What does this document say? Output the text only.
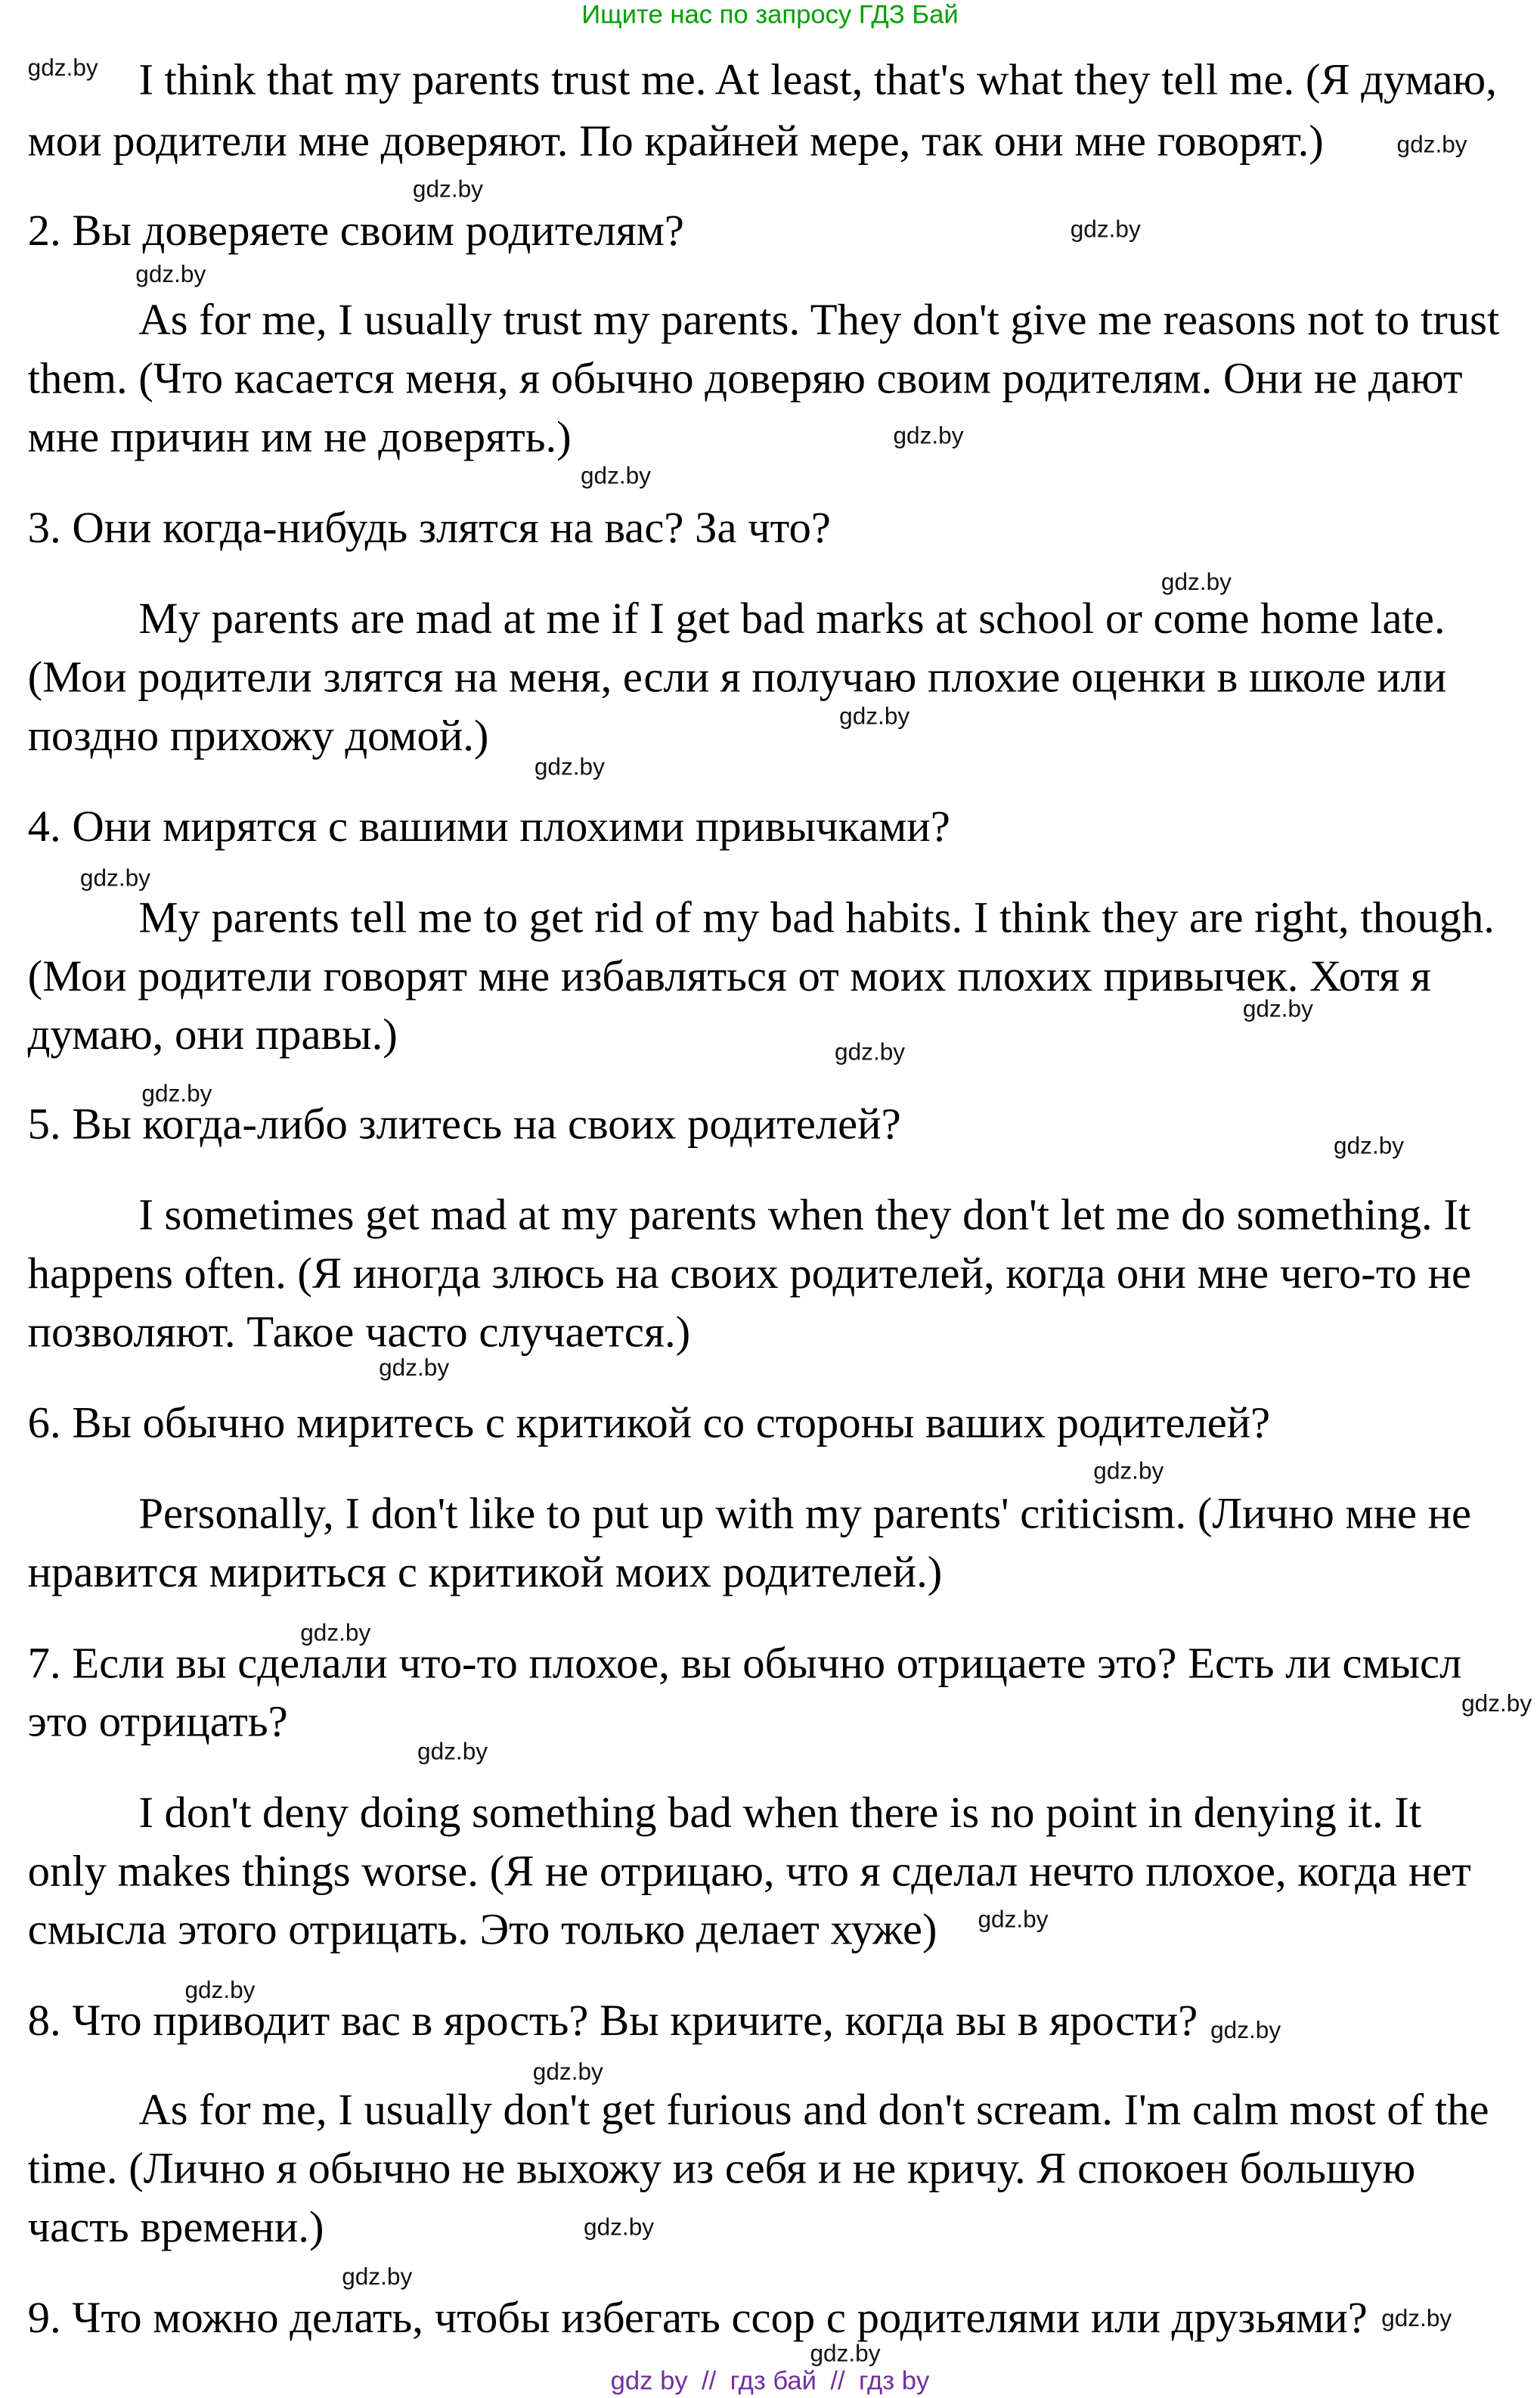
Ищите нас по запросу ГДЗ Бай
I think that my parents trust me. At least, that's what they tell me. (Я думаю,
мои родители мне доверяют. По крайней мере, так они мне говорят.)
2. Вы доверяете своим родителям?
As for me, I usually trust my parents. They don't give me reasons not to trust
them. (Что касается меня, я обычно доверяю своим родителям. Они не дают
мне причин им не доверять.)
3. Они когда-нибудь злятся на вас? За что?
My parents are mad at me if I get bad marks at school or come home late.
(Мои родители злятся на меня, если я получаю плохие оценки в школе или
поздно прихожу домой.)
4. Они мирятся с вашими плохими привычками?
My parents tell me to get rid of my bad habits. I think they are right, though.
(Мои родители говорят мне избавляться от моих плохих привычек. Хотя я
думаю, они правы.)
5. Вы когда-либо злитесь на своих родителей?
I sometimes get mad at my parents when they don't let me do something. It
happens often. (Я иногда злюсь на своих родителей, когда они мне чего-то не
позволяют. Такое часто случается.)
6. Вы обычно миритесь с критикой со стороны ваших родителей?
Personally, I don't like to put up with my parents' criticism. (Лично мне не
нравится мириться с критикой моих родителей.)
7. Если вы сделали что-то плохое, вы обычно отрицаете это? Есть ли смысл
это отрицать?
I don't deny doing something bad when there is no point in denying it. It
only makes things worse. (Я не отрицаю, что я сделал нечто плохое, когда нет
смысла этого отрицать. Это только делает хуже)
8. Что приводит вас в ярость? Вы кричите, когда вы в ярости?
As for me, I usually don't get furious and don't scream. I'm calm most of the
time. (Лично я обычно не выхожу из себя и не кричу. Я спокоен большую
часть времени.)
9. Что можно делать, чтобы избегать ссор с родителями или друзьями?
gdz.by
gdz.by
gdz.by
gdz.by
gdz.by
gdz.by
gdz.by
gdz.by
gdz.by
gdz.by
gdz.by
gdz.by
gdz.by
gdz.by
gdz.by
gdz.by
gdz.by
gdz.by
gdz.by
gdz.by
gdz.by
gdz.by
gdz.by
gdz.by
gdz.by
gdz.by
gdz.by
gdz.by
gdz by // гдз бай // гдз by
